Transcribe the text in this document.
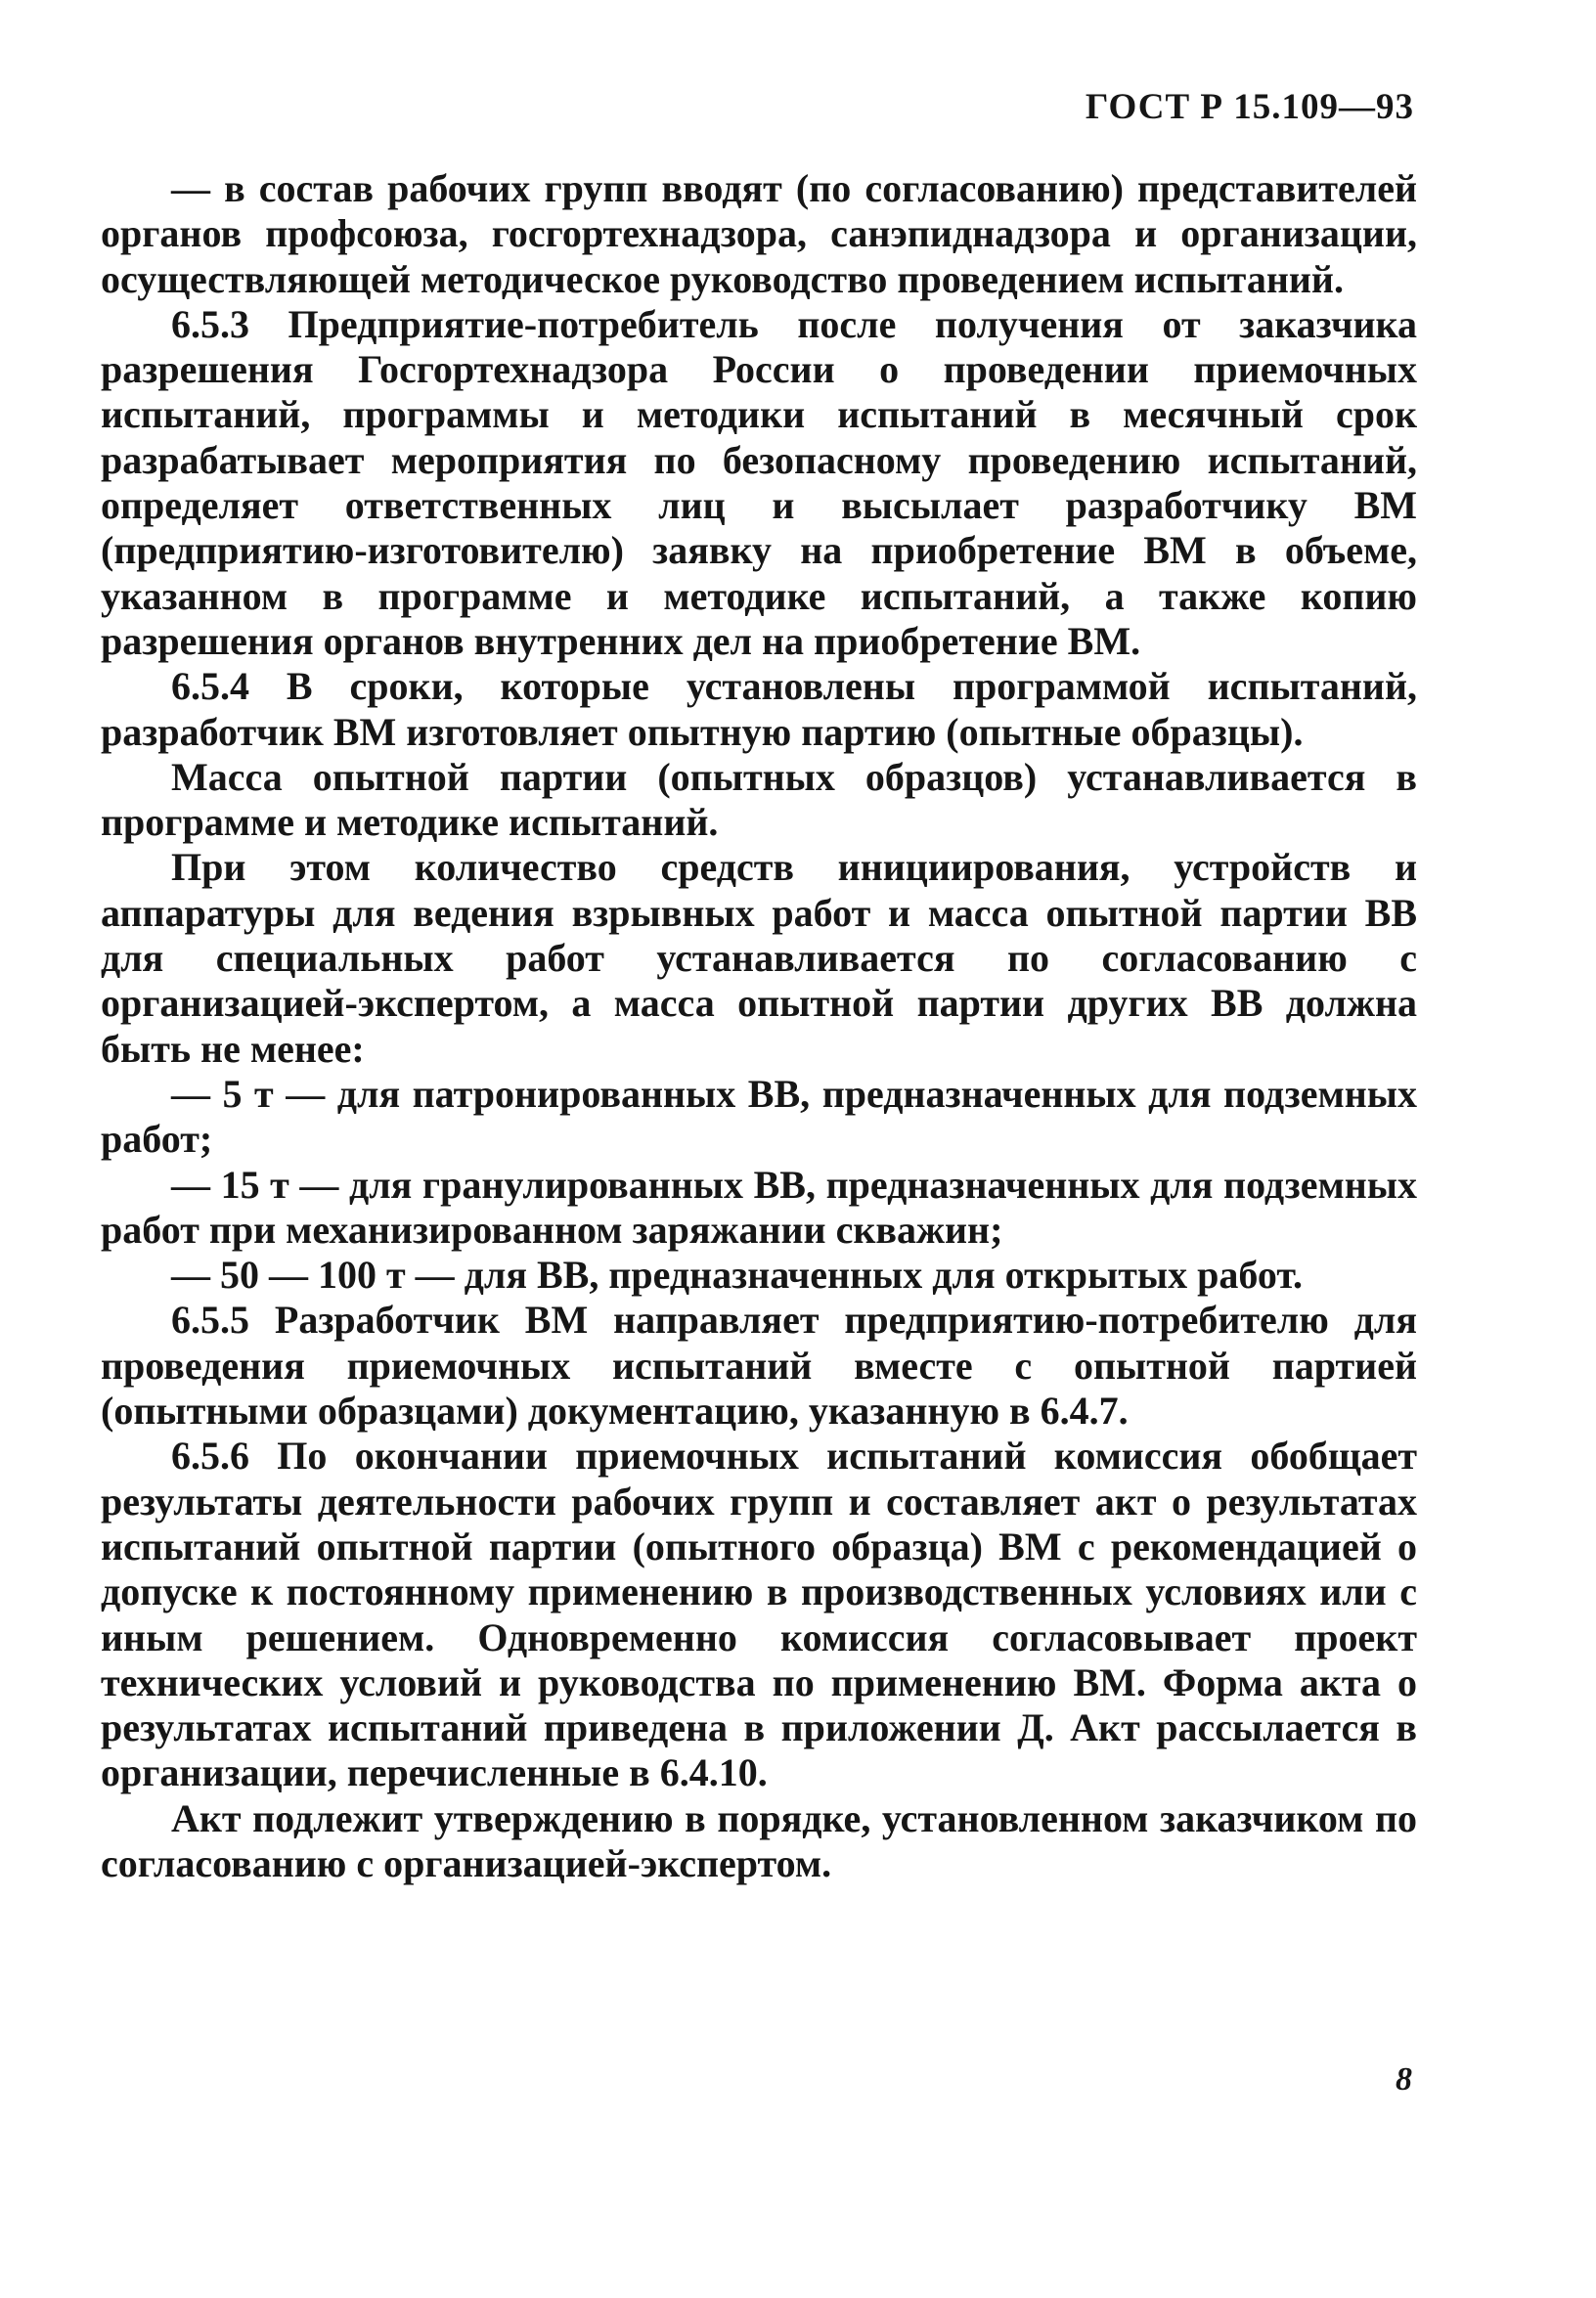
ГОСТ Р 15.109—93

— в состав рабочих групп вводят (по согласованию) представителей органов профсоюза, госгортехнадзора, санэпиднадзора и организации, осуществляющей методическое руководство проведением испытаний.

6.5.3 Предприятие-потребитель после получения от заказчика разрешения Госгортехнадзора России о проведении приемочных испытаний, программы и методики испытаний в месячный срок разрабатывает мероприятия по безопасному проведению испытаний, определяет ответственных лиц и высылает разработчику ВМ (предприятию-изготовителю) заявку на приобретение ВМ в объеме, указанном в программе и методике испытаний, а также копию разрешения органов внутренних дел на приобретение ВМ.

6.5.4 В сроки, которые установлены программой испытаний, разработчик ВМ изготовляет опытную партию (опытные образцы).

Масса опытной партии (опытных образцов) устанавливается в программе и методике испытаний.

При этом количество средств инициирования, устройств и аппаратуры для ведения взрывных работ и масса опытной партии ВВ для специальных работ устанавливается по согласованию с организацией-экспертом, а масса опытной партии других ВВ должна быть не менее:

— 5 т — для патронированных ВВ, предназначенных для подземных работ;

— 15 т — для гранулированных ВВ, предназначенных для подземных работ при механизированном заряжании скважин;

— 50 — 100 т — для ВВ, предназначенных для открытых работ.

6.5.5 Разработчик ВМ направляет предприятию-потребителю для проведения приемочных испытаний вместе с опытной партией (опытными образцами) документацию, указанную в 6.4.7.

6.5.6 По окончании приемочных испытаний комиссия обобщает результаты деятельности рабочих групп и составляет акт о результатах испытаний опытной партии (опытного образца) ВМ с рекомендацией о допуске к постоянному применению в производственных условиях или с иным решением. Одновременно комиссия согласовывает проект технических условий и руководства по применению ВМ. Форма акта о результатах испытаний приведена в приложении Д. Акт рассылается в организации, перечисленные в 6.4.10.

Акт подлежит утверждению в порядке, установленном заказчиком по согласованию с организацией-экспертом.

8
